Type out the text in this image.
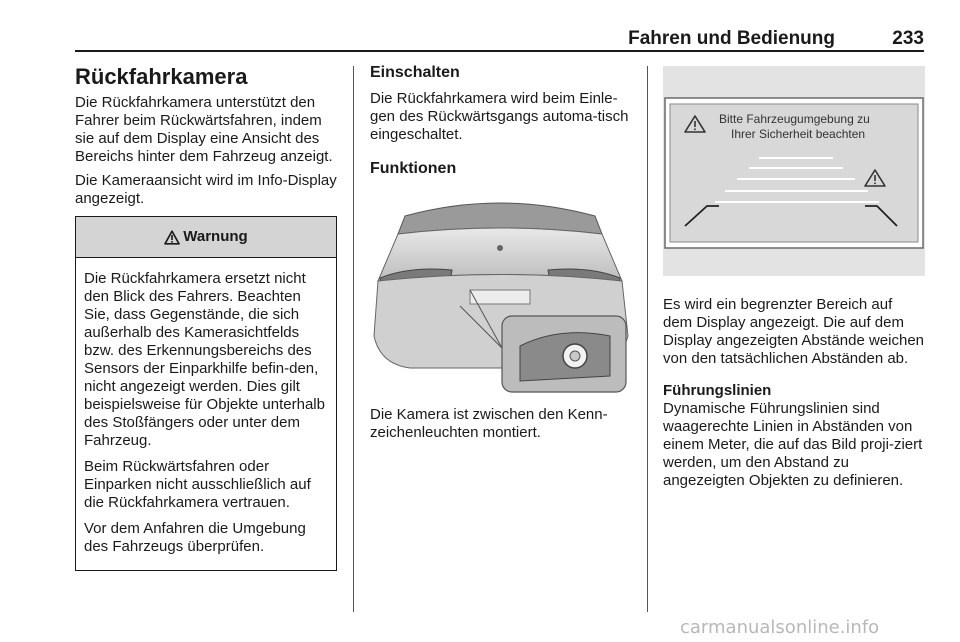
Fahren und Bedienung	233
Rückfahrkamera

Die Rückfahrkamera unterstützt den Fahrer beim Rückwärtsfahren, indem sie auf dem Display eine Ansicht des Bereichs hinter dem Fahrzeug anzeigt.

Die Kameraansicht wird im Info-Display angezeigt.

Warnung

Die Rückfahrkamera ersetzt nicht den Blick des Fahrers. Beachten Sie, dass Gegenstände, die sich außerhalb des Kamerasichtfelds bzw. des Erkennungsbereichs des Sensors der Einparkhilfe befin-den, nicht angezeigt werden. Dies gilt beispielsweise für Objekte unterhalb des Stoßfängers oder unter dem Fahrzeug.

Beim Rückwärtsfahren oder Einparken nicht ausschließlich auf die Rückfahrkamera vertrauen.

Vor dem Anfahren die Umgebung des Fahrzeugs überprüfen.

Einschalten

Die Rückfahrkamera wird beim Einle-gen des Rückwärtsgangs automa-tisch eingeschaltet.

Funktionen

Die Kamera ist zwischen den Kenn-zeichenleuchten montiert.

Bitte Fahrzeugumgebung zu
Ihrer Sicherheit beachten

Es wird ein begrenzter Bereich auf dem Display angezeigt. Die auf dem Display angezeigten Abstände weichen von den tatsächlichen Abständen ab.

Führungslinien

Dynamische Führungslinien sind waagerechte Linien in Abständen von einem Meter, die auf das Bild proji-ziert werden, um den Abstand zu angezeigten Objekten zu definieren.

carmanualsonline.info
